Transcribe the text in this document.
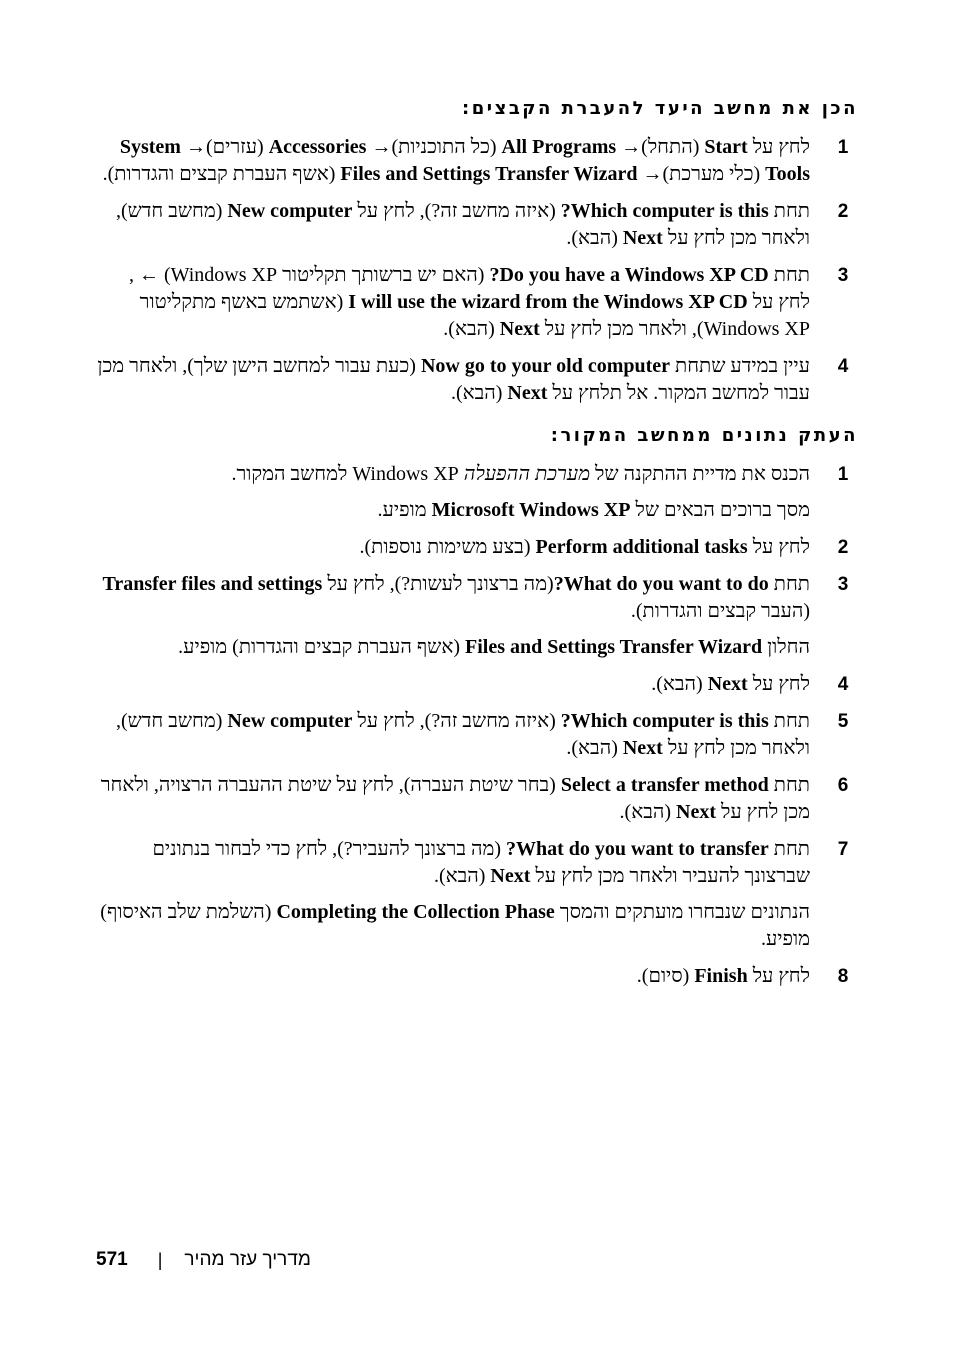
הכן את מחשב היעד להעברת הקבצים:
1
לחץ על Start (התחל)→ All Programs (כל התוכניות)→ Accessories (עזרים)→ System Tools (כלי מערכת)→ Files and Settings Transfer Wizard (אשף העברת קבצים והגדרות).
2
תחת Which computer is this? (איזה מחשב זה?), לחץ על New computer (מחשב חדש), ולאחר מכן לחץ על Next (הבא).
3
תחת Do you have a Windows XP CD? (האם יש ברשותך תקליטור Windows XP) ← , לחץ על I will use the wizard from the Windows XP CD (אשתמש באשף מתקליטור Windows XP), ולאחר מכן לחץ על Next (הבא).
4
עיין במידע שתחת Now go to your old computer (כעת עבור למחשב הישן שלך), ולאחר מכן עבור למחשב המקור. אל תלחץ על Next (הבא).
העתק נתונים ממחשב המקור:
1
הכנס את מדיית ההתקנה של מערכת ההפעלה Windows XP למחשב המקור.
מסך ברוכים הבאים של Microsoft Windows XP מופיע.
2
לחץ על Perform additional tasks (בצע משימות נוספות).
3
תחת What do you want to do?(מה ברצונך לעשות?), לחץ על Transfer files and settings (העבר קבצים והגדרות).
החלון Files and Settings Transfer Wizard (אשף העברת קבצים והגדרות) מופיע.
4
לחץ על Next (הבא).
5
תחת Which computer is this? (איזה מחשב זה?), לחץ על New computer (מחשב חדש), ולאחר מכן לחץ על Next (הבא).
6
תחת Select a transfer method (בחר שיטת העברה), לחץ על שיטת ההעברה הרצויה, ולאחר מכן לחץ על Next (הבא).
7
תחת What do you want to transfer? (מה ברצונך להעביר?), לחץ כדי לבחור בנתונים שברצונך להעביר ולאחר מכן לחץ על Next (הבא).
הנתונים שנבחרו מועתקים והמסך Completing the Collection Phase (השלמת שלב האיסוף) מופיע.
8
לחץ על Finish (סיום).
571 | מדריך עזר מהיר
